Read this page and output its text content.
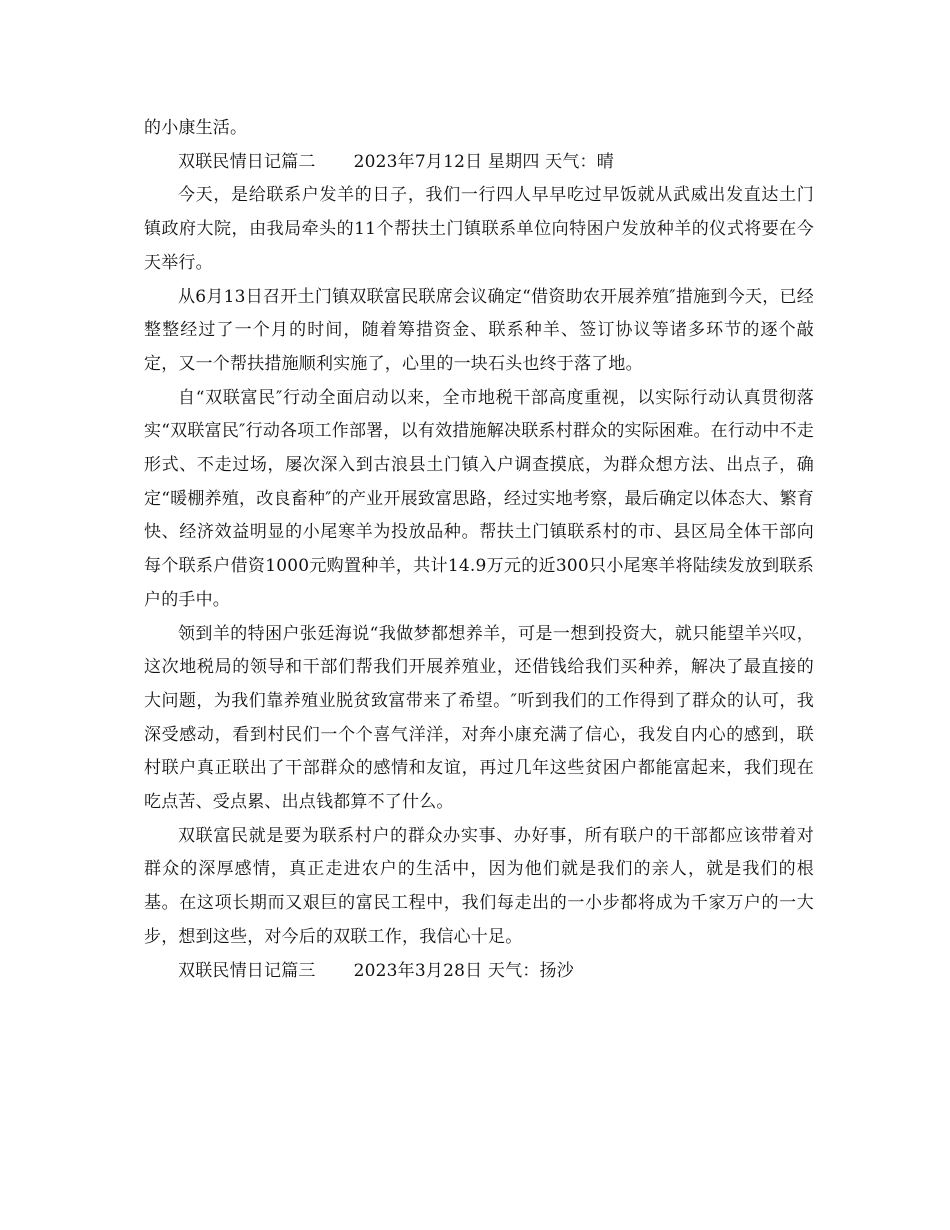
的小康生活。

双联民情日记篇二 2023年7月12日 星期四 天气：晴

今天，是给联系户发羊的日子，我们一行四人早早吃过早饭就从武威出发直达土门镇政府大院，由我局牵头的11个帮扶土门镇联系单位向特困户发放种羊的仪式将要在今天举行。

从6月13日召开土门镇双联富民联席会议确定“借资助农开展养殖″措施到今天，已经整整经过了一个月的时间，随着筹措资金、联系种羊、签订协议等诸多环节的逐个敲定，又一个帮扶措施顺利实施了，心里的一块石头也终于落了地。

自“双联富民″行动全面启动以来，全市地税干部高度重视，以实际行动认真贯彻落实“双联富民″行动各项工作部署，以有效措施解决联系村群众的实际困难。在行动中不走形式、不走过场，屡次深入到古浪县土门镇入户调查摸底，为群众想方法、出点子，确定“暖棚养殖，改良畜种″的产业开展致富思路，经过实地考察，最后确定以体态大、繁育快、经济效益明显的小尾寒羊为投放品种。帮扶土门镇联系村的市、县区局全体干部向每个联系户借资1000元购置种羊，共计14.9万元的近300只小尾寒羊将陆续发放到联系户的手中。

领到羊的特困户张廷海说“我做梦都想养羊，可是一想到投资大，就只能望羊兴叹，这次地税局的领导和干部们帮我们开展养殖业，还借钱给我们买种养，解决了最直接的大问题，为我们靠养殖业脱贫致富带来了希望。″听到我们的工作得到了群众的认可，我深受感动，看到村民们一个个喜气洋洋，对奔小康充满了信心，我发自内心的感到，联村联户真正联出了干部群众的感情和友谊，再过几年这些贫困户都能富起来，我们现在吃点苦、受点累、出点钱都算不了什么。

双联富民就是要为联系村户的群众办实事、办好事，所有联户的干部都应该带着对群众的深厚感情，真正走进农户的生活中，因为他们就是我们的亲人，就是我们的根基。在这项长期而又艰巨的富民工程中，我们每走出的一小步都将成为千家万户的一大步，想到这些，对今后的双联工作，我信心十足。

双联民情日记篇三 2023年3月28日 天气：扬沙
